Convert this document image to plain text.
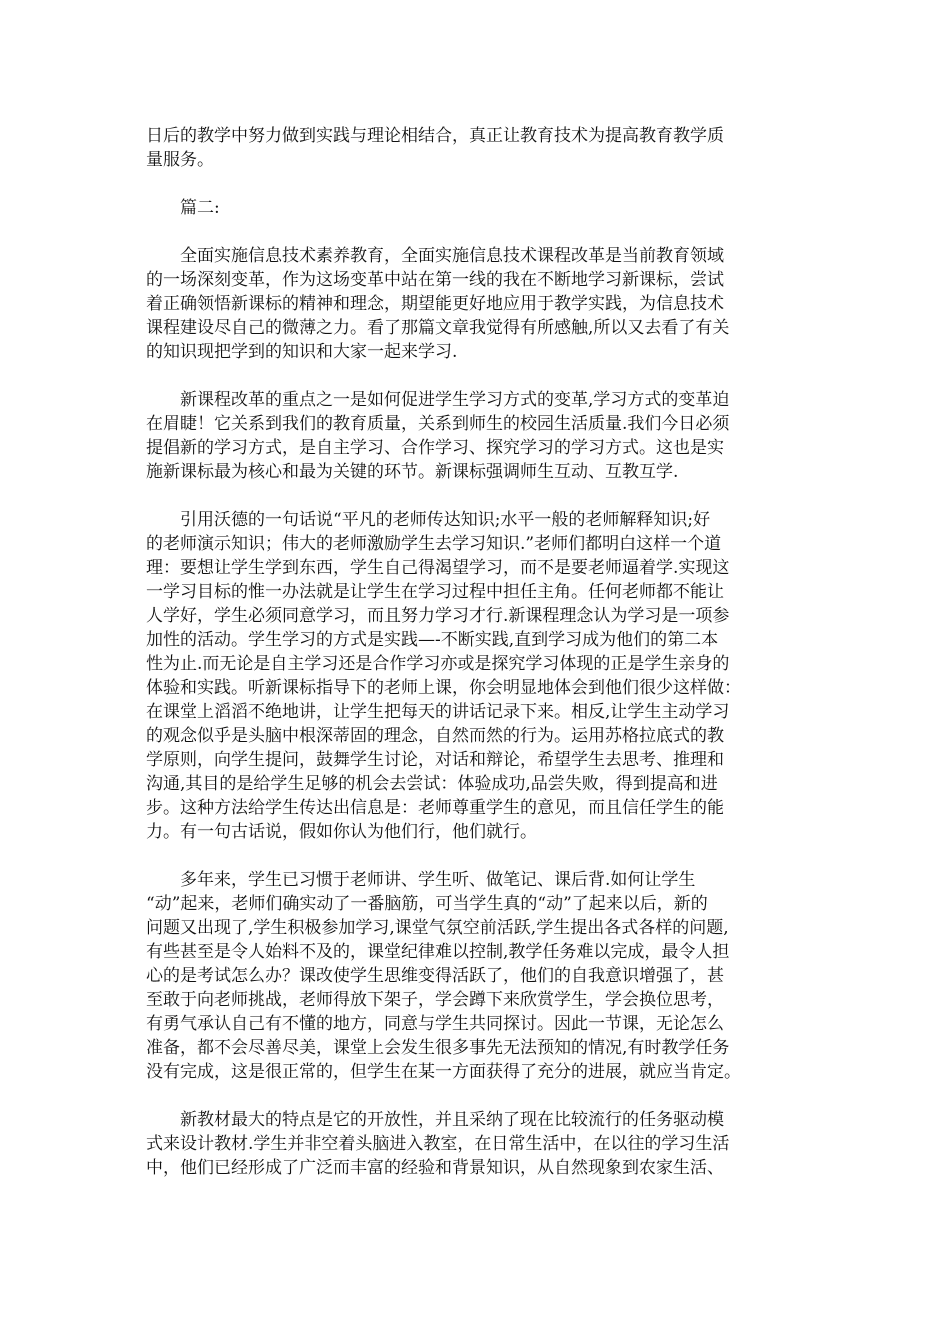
日后的教学中努力做到实践与理论相结合，真正让教育技术为提高教育教学质
量服务。
篇二:
全面实施信息技术素养教育，全面实施信息技术课程改革是当前教育领域
的一场深刻变革，作为这场变革中站在第一线的我在不断地学习新课标，尝试
着正确领悟新课标的精神和理念，期望能更好地应用于教学实践，为信息技术
课程建设尽自己的微薄之力。看了那篇文章我觉得有所感触,所以又去看了有关
的知识现把学到的知识和大家一起来学习.
新课程改革的重点之一是如何促进学生学习方式的变革,学习方式的变革迫
在眉睫！它关系到我们的教育质量，关系到师生的校园生活质量.我们今日必须
提倡新的学习方式，是自主学习、合作学习、探究学习的学习方式。这也是实
施新课标最为核心和最为关键的环节。新课标强调师生互动、互教互学.
引用沃德的一句话说“平凡的老师传达知识;水平一般的老师解释知识;好
的老师演示知识；伟大的老师激励学生去学习知识.”老师们都明白这样一个道
理：要想让学生学到东西，学生自己得渴望学习，而不是要老师逼着学.实现这
一学习目标的惟一办法就是让学生在学习过程中担任主角。任何老师都不能让
人学好，学生必须同意学习，而且努力学习才行.新课程理念认为学习是一项参
加性的活动。学生学习的方式是实践—-不断实践,直到学习成为他们的第二本
性为止.而无论是自主学习还是合作学习亦或是探究学习体现的正是学生亲身的
体验和实践。听新课标指导下的老师上课，你会明显地体会到他们很少这样做：
在课堂上滔滔不绝地讲，让学生把每天的讲话记录下来。相反,让学生主动学习
的观念似乎是头脑中根深蒂固的理念，自然而然的行为。运用苏格拉底式的教
学原则，向学生提问，鼓舞学生讨论，对话和辩论，希望学生去思考、推理和
沟通,其目的是给学生足够的机会去尝试：体验成功,品尝失败，得到提高和进
步。这种方法给学生传达出信息是：老师尊重学生的意见，而且信任学生的能
力。有一句古话说，假如你认为他们行，他们就行。
多年来，学生已习惯于老师讲、学生听、做笔记、课后背.如何让学生
“动”起来，老师们确实动了一番脑筋，可当学生真的“动”了起来以后，新的
问题又出现了,学生积极参加学习,课堂气氛空前活跃,学生提出各式各样的问题,
有些甚至是令人始料不及的，课堂纪律难以控制,教学任务难以完成，最令人担
心的是考试怎么办？课改使学生思维变得活跃了，他们的自我意识增强了，甚
至敢于向老师挑战，老师得放下架子，学会蹲下来欣赏学生，学会换位思考，
有勇气承认自己有不懂的地方，同意与学生共同探讨。因此一节课，无论怎么
准备，都不会尽善尽美，课堂上会发生很多事先无法预知的情况,有时教学任务
没有完成，这是很正常的，但学生在某一方面获得了充分的进展，就应当肯定。
新教材最大的特点是它的开放性，并且采纳了现在比较流行的任务驱动模
式来设计教材.学生并非空着头脑进入教室，在日常生活中，在以往的学习生活
中，他们已经形成了广泛而丰富的经验和背景知识，从自然现象到农家生活、
